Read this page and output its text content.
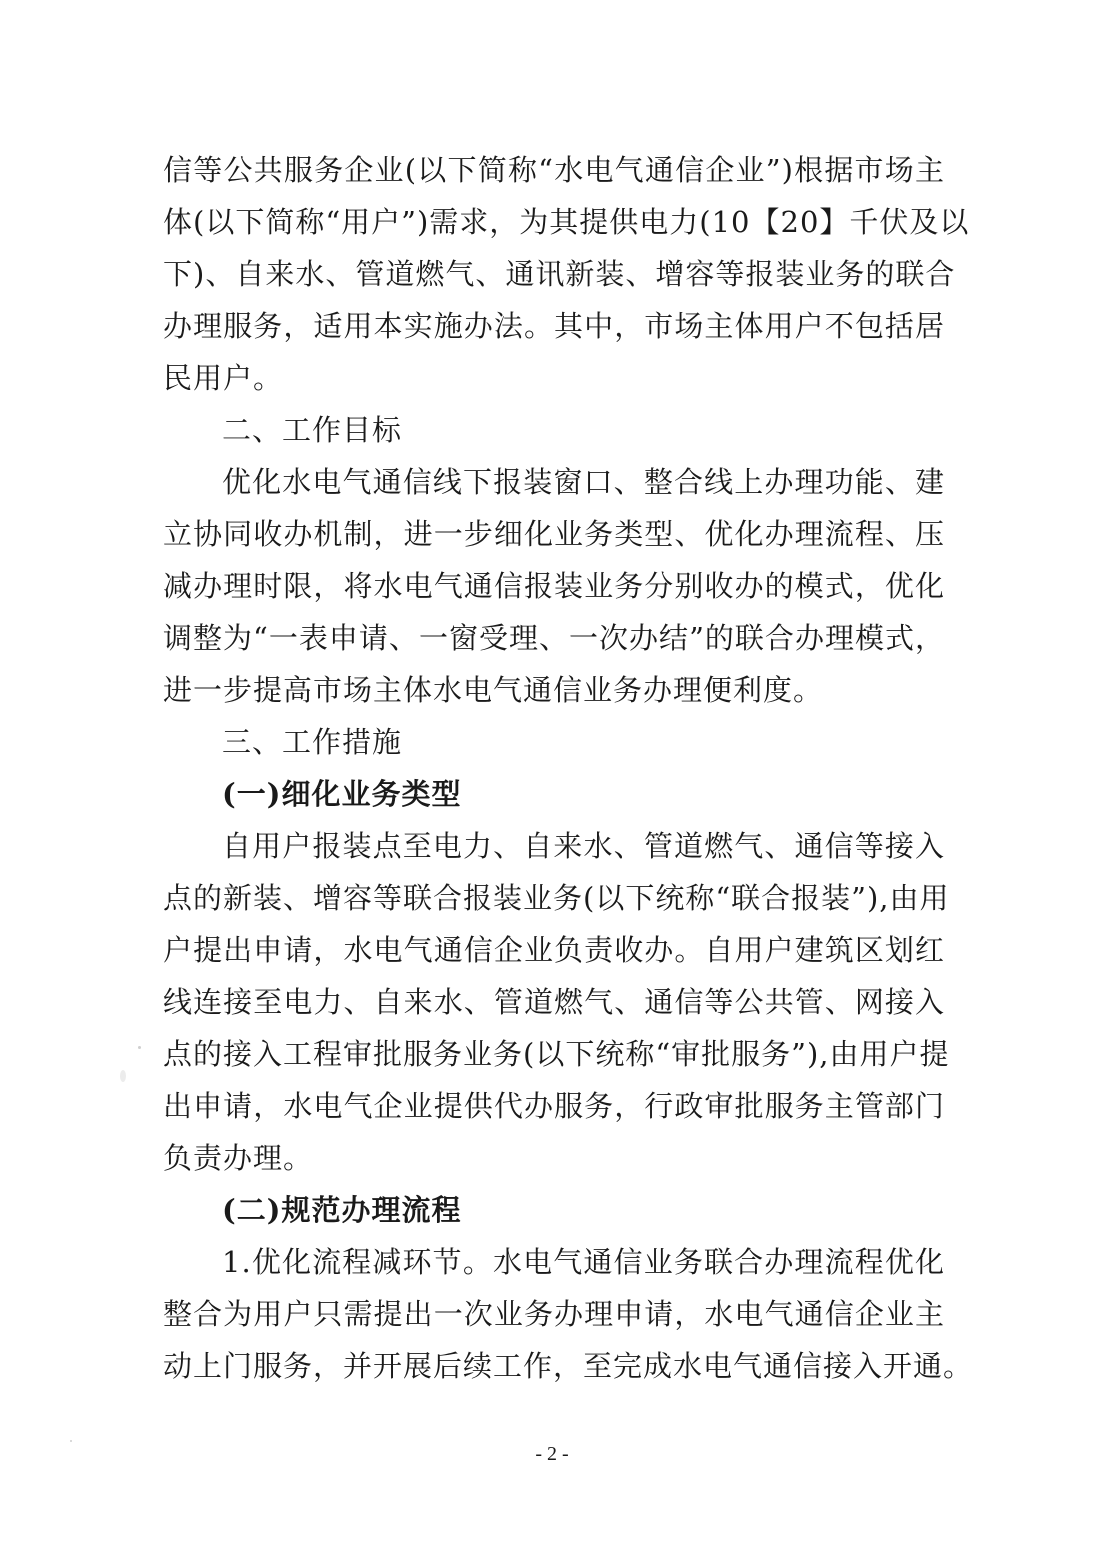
信等公共服务企业(以下简称“水电气通信企业”)根据市场主
体(以下简称“用户”)需求，为其提供电力(10【20】千伏及以
下)、自来水、管道燃气、通讯新装、增容等报装业务的联合
办理服务，适用本实施办法。其中，市场主体用户不包括居
民用户。
二、工作目标
优化水电气通信线下报装窗口、整合线上办理功能、建
立协同收办机制，进一步细化业务类型、优化办理流程、压
减办理时限，将水电气通信报装业务分别收办的模式，优化
调整为“一表申请、一窗受理、一次办结”的联合办理模式，
进一步提高市场主体水电气通信业务办理便利度。
三、工作措施
(一)细化业务类型
自用户报装点至电力、自来水、管道燃气、通信等接入
点的新装、增容等联合报装业务(以下统称“联合报装”),由用
户提出申请，水电气通信企业负责收办。自用户建筑区划红
线连接至电力、自来水、管道燃气、通信等公共管、网接入
点的接入工程审批服务业务(以下统称“审批服务”),由用户提
出申请，水电气企业提供代办服务，行政审批服务主管部门
负责办理。
(二)规范办理流程
1.优化流程减环节。水电气通信业务联合办理流程优化
整合为用户只需提出一次业务办理申请，水电气通信企业主
动上门服务，并开展后续工作，至完成水电气通信接入开通。
- 2 -
